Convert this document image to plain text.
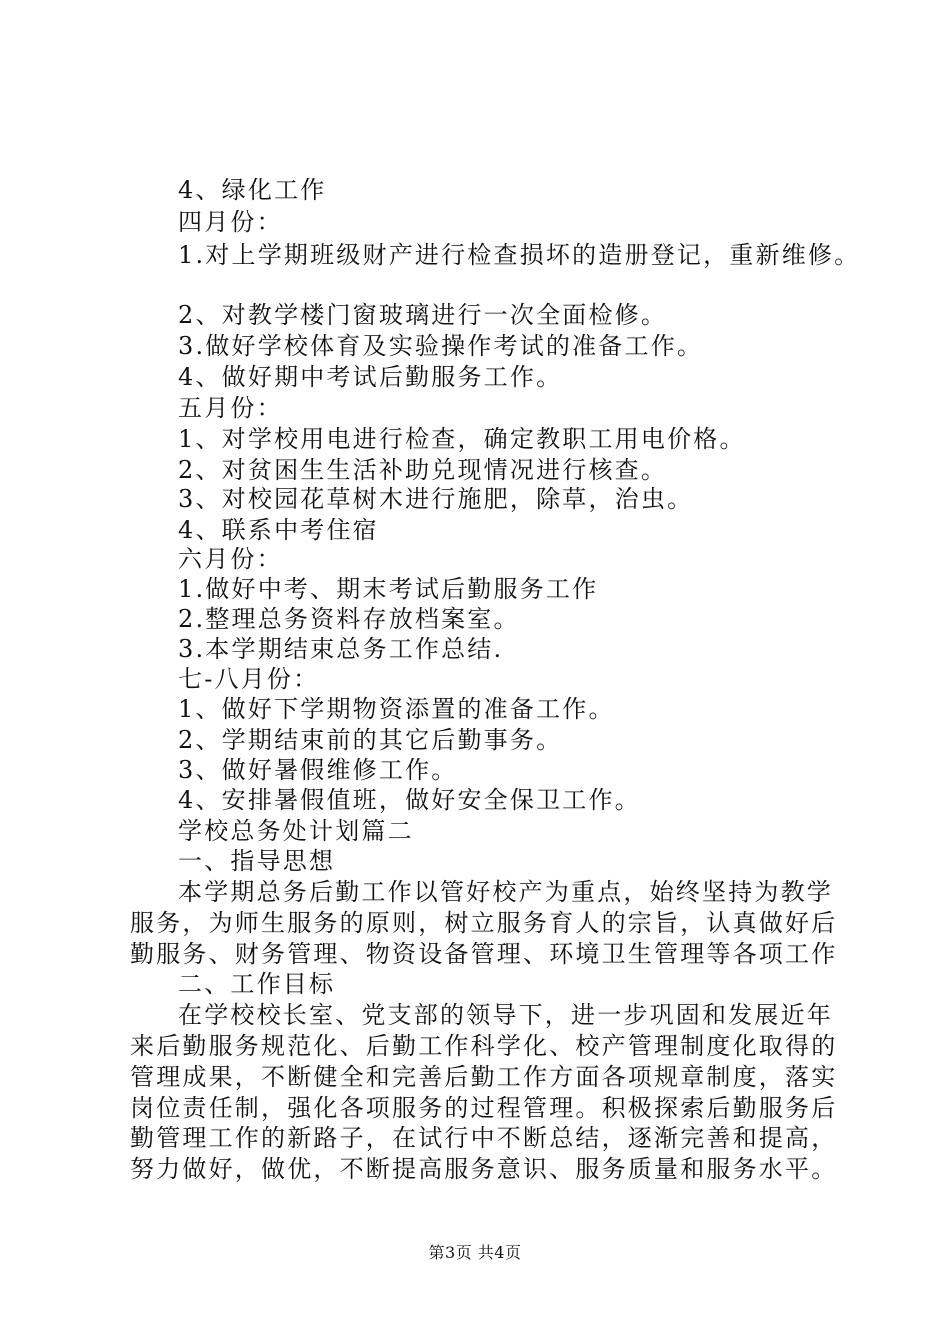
4、绿化工作
四月份：
1.对上学期班级财产进行检查损坏的造册登记，重新维修。
2、对教学楼门窗玻璃进行一次全面检修。
3.做好学校体育及实验操作考试的准备工作。
4、做好期中考试后勤服务工作。
五月份：
1、对学校用电进行检查，确定教职工用电价格。
2、对贫困生生活补助兑现情况进行核查。
3、对校园花草树木进行施肥，除草，治虫。
4、联系中考住宿
六月份：
1.做好中考、期末考试后勤服务工作
2.整理总务资料存放档案室。
3.本学期结束总务工作总结.
七-八月份：
1、做好下学期物资添置的准备工作。
2、学期结束前的其它后勤事务。
3、做好暑假维修工作。
4、安排暑假值班，做好安全保卫工作。
学校总务处计划篇二
一、指导思想
本学期总务后勤工作以管好校产为重点，始终坚持为教学
服务，为师生服务的原则，树立服务育人的宗旨，认真做好后
勤服务、财务管理、物资设备管理、环境卫生管理等各项工作
二、工作目标
在学校校长室、党支部的领导下，进一步巩固和发展近年
来后勤服务规范化、后勤工作科学化、校产管理制度化取得的
管理成果，不断健全和完善后勤工作方面各项规章制度，落实
岗位责任制，强化各项服务的过程管理。积极探索后勤服务后
勤管理工作的新路子，在试行中不断总结，逐渐完善和提高，
努力做好，做优，不断提高服务意识、服务质量和服务水平。
第3页 共4页
